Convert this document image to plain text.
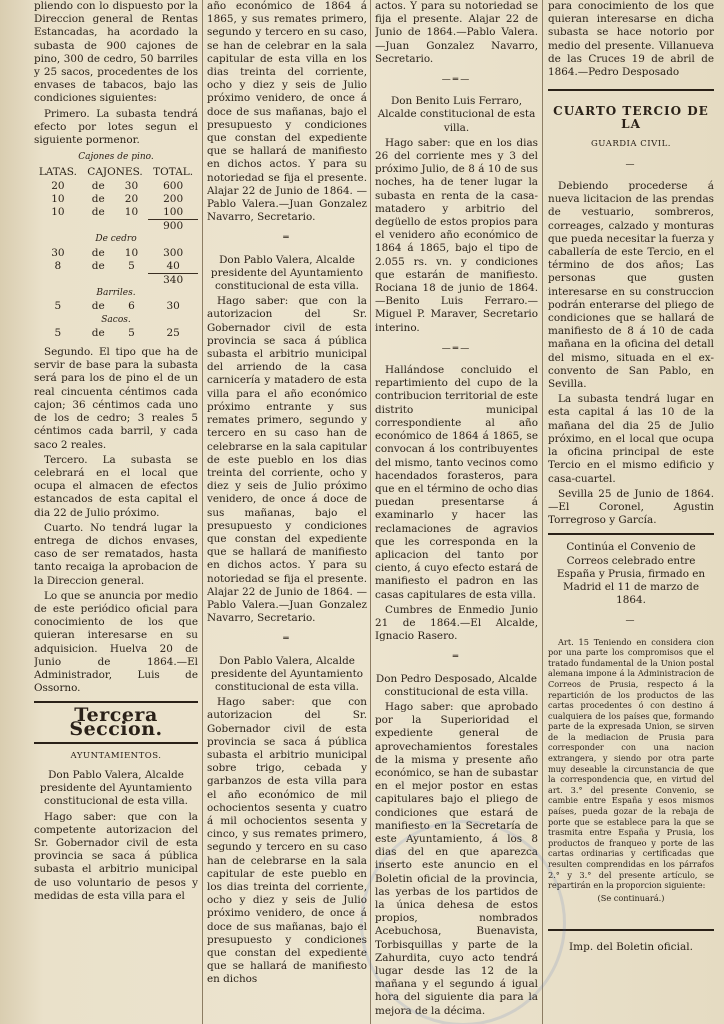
pliendo con lo dispuesto por la Direccion general de Rentas Estancadas, ha acordado la subasta de 900 cajones de pino, 300 de cedro, 50 barriles y 25 sacos, procedentes de los envases de tabacos, bajo las condiciones siguientes:

Primero. La subasta tendrá efecto por lotes segun el siguiente pormenor.

Cajones de pino.
LATAS.	CAJONES.		TOTAL.
20	de	30	600
10	de	20	200
10	de	10	100

			900
De cedro			
30	de	10	300
8	de	5	40
			340
Barriles.			
5	de	6	30
Sacos.			
5	de	5	25

Segundo. El tipo que ha de servir de base para la subasta será para los de pino el de un real cincuenta céntimos cada cajon; 36 céntimos cada uno de los de cedro; 3 reales 5 céntimos cada barril, y cada saco 2 reales.

Tercero. La subasta se celebrará en el local que ocupa el almacen de efectos estancados de esta capital el dia 22 de Julio próximo.

Cuarto. No tendrá lugar la entrega de dichos envases, caso de ser rematados, hasta tanto recaiga la aprobacion de la Direccion general.

Lo que se anuncia por medio de este periódico oficial para conocimiento de los que quieran interesarse en su adquisicion. Huelva 20 de Junio de 1864.—El Administrador, Luis de Ossorno.

Tercera Seccion.
AYUNTAMIENTOS.

Don Pablo Valera, Alcalde presidente del Ayuntamiento constitucional de esta villa.

Hago saber: que con la competente autorizacion del Sr. Gobernador civil de esta provincia se saca á pública subasta el arbitrio municipal de uso voluntario de pesos y medidas de esta villa para el

año económico de 1864 á 1865, y sus remates primero, segundo y tercero en su caso, se han de celebrar en la sala capitular de esta villa en los dias treinta del corriente, ocho y diez y seis de Julio próximo venidero, de once á doce de sus mañanas, bajo el presupuesto y condiciones que constan del expediente que se hallará de manifiesto en dichos actos. Y para su notoriedad se fija el presente. Alajar 22 de Junio de 1864. —Pablo Valera.—Juan Gonzalez Navarro, Secretario.

═

Don Pablo Valera, Alcalde presidente del Ayuntamiento constitucional de esta villa.

Hago saber: que con la autorizacion del Sr. Gobernador civil de esta provincia se saca á pública subasta el arbitrio municipal del arriendo de la casa carnicería y matadero de esta villa para el año económico próximo entrante y sus remates primero, segundo y tercero en su caso han de celebrarse en la sala capitular de este pueblo en los dias treinta del corriente, ocho y diez y seis de Julio próximo venidero, de once á doce de sus mañanas, bajo el presupuesto y condiciones que constan del expediente que se hallará de manifiesto en dichos actos. Y para su notoriedad se fija el presente. Alajar 22 de Junio de 1864. —Pablo Valera.—Juan Gonzalez Navarro, Secretario.

═

Don Pablo Valera, Alcalde presidente del Ayuntamiento constitucional de esta villa.

Hago saber: que con autorizacion del Sr. Gobernador civil de esta provincia se saca á pública subasta el arbitrio municipal sobre trigo, cebada y garbanzos de esta villa para el año económico de mil ochocientos sesenta y cuatro á mil ochocientos sesenta y cinco, y sus remates primero, segundo y tercero en su caso han de celebrarse en la sala capitular de este pueblo en los dias treinta del corriente, ocho y diez y seis de Julio próximo venidero, de once á doce de sus mañanas, bajo el presupuesto y condiciones que constan del expediente que se hallará de manifiesto en dichos

actos. Y para su notoriedad se fija el presente. Alajar 22 de Junio de 1864.—Pablo Valera.—Juan Gonzalez Navarro, Secretario.

—═—

Don Benito Luis Ferraro, Alcalde constitucional de esta villa.

Hago saber: que en los dias 26 del corriente mes y 3 del próximo Julio, de 8 á 10 de sus noches, ha de tener lugar la subasta en renta de la casa-matadero y arbitrio del degüello de estos propios para el venidero año económico de 1864 á 1865, bajo el tipo de 2.055 rs. vn. y condiciones que estarán de manifiesto. Rociana 18 de junio de 1864. —Benito Luis Ferraro.—Miguel P. Maraver, Secretario interino.

—═—

Hallándose concluido el repartimiento del cupo de la contribucion territorial de este distrito municipal correspondiente al año económico de 1864 á 1865, se convocan á los contribuyentes del mismo, tanto vecinos como hacendados forasteros, para que en el término de ocho dias puedan presentarse á examinarlo y hacer las reclamaciones de agravios que les corresponda en la aplicacion del tanto por ciento, á cuyo efecto estará de manifiesto el padron en las casas capitulares de esta villa.

Cumbres de Enmedio Junio 21 de 1864.—El Alcalde, Ignacio Rasero.

═

Don Pedro Desposado, Alcalde constitucional de esta villa.

Hago saber: que aprobado por la Superioridad el expediente general de aprovechamientos forestales de la misma y presente año económico, se han de subastar en el mejor postor en estas capitulares bajo el pliego de condiciones que estará de manifiesto en la Secretaría de este Ayuntamiento, á los 8 dias del en que aparezca inserto este anuncio en el Boletin oficial de la provincia, las yerbas de los partidos de la única dehesa de estos propios, nombrados Acebuchosa, Buenavista, Torbisquillas y parte de la Zahurdita, cuyo acto tendrá lugar desde las 12 de la mañana y el segundo á igual hora del siguiente dia para la mejora de la décima.

para conocimiento de los que quieran interesarse en dicha subasta se hace notorio por medio del presente. Villanueva de las Cruces 19 de abril de 1864.—Pedro Desposado

CUARTO TERCIO DE LA
GUARDIA CIVIL.
—

Debiendo procederse á nueva licitacion de las prendas de vestuario, sombreros, correages, calzado y monturas que pueda necesitar la fuerza y caballería de este Tercio, en el término de dos años; Las personas que gusten interesarse en su construccion podrán enterarse del pliego de condiciones que se hallará de manifiesto de 8 á 10 de cada mañana en la oficina del detall del mismo, situada en el ex-convento de San Pablo, en Sevilla.

La subasta tendrá lugar en esta capital á las 10 de la mañana del dia 25 de Julio próximo, en el local que ocupa la oficina principal de este Tercio en el mismo edificio y casa-cuartel.

Sevilla 25 de Junio de 1864.—El Coronel, Agustin Torregroso y García.

Continúa el Convenio de Correos celebrado entre España y Prusia, firmado en Madrid el 11 de marzo de 1864.

—

Art. 15 Teniendo en considera cion por una parte los compromisos que el tratado fundamental de la Union postal alemana impone á la Administracion de Correos de Prusia, respecto á la repartición de los productos de las cartas procedentes ó con destino á cualquiera de los países que, formando parte de la expresada Union, se sirven de la mediacion de Prusia para corresponder con una nacion extrangera, y siendo por otra parte muy deseable la circunstancia de que la correspondencia que, en virtud del art. 3.° del presente Convenio, se cambie entre España y esos mismos países, pueda gozar de la rebaja de porte que se establece para la que se trasmita entre España y Prusia, los productos de franqueo y porte de las cartas ordinarias y certificadas que resulten comprendidas en los párrafos 2.° y 3.° del presente artículo, se repartirán en la proporcion siguiente:

(Se continuará.)

Imp. del Boletin oficial.
